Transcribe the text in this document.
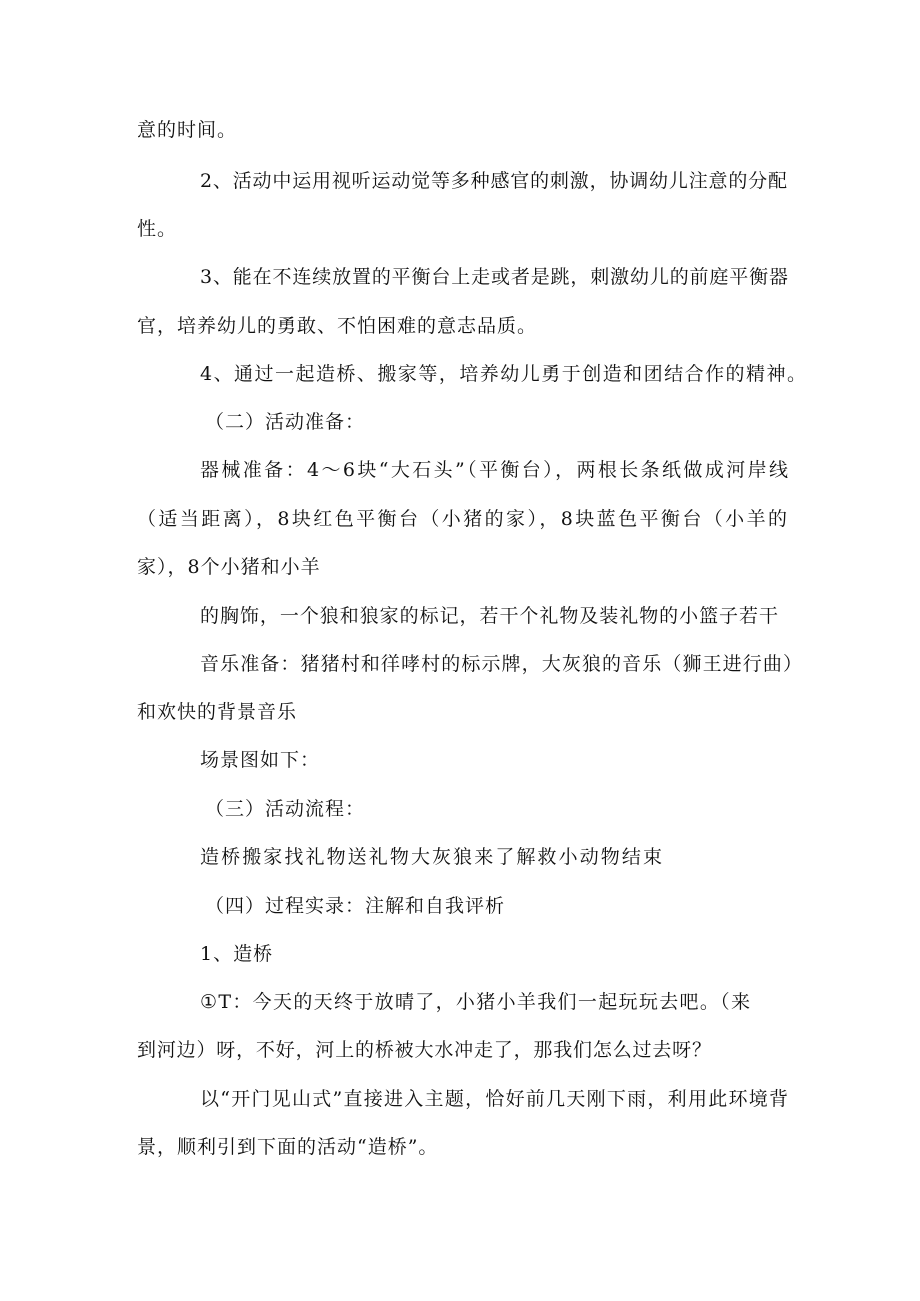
意的时间。
2、活动中运用视听运动觉等多种感官的刺激，协调幼儿注意的分配
性。
3、能在不连续放置的平衡台上走或者是跳，刺激幼儿的前庭平衡器
官，培养幼儿的勇敢、不怕困难的意志品质。
4、通过一起造桥、搬家等，培养幼儿勇于创造和团结合作的精神。
（二）活动准备：
器械准备：4～6块“大石头”（平衡台），两根长条纸做成河岸线
（适当距离），8块红色平衡台（小猪的家），8块蓝色平衡台（小羊的
家），8个小猪和小羊
的胸饰，一个狼和狼家的标记，若干个礼物及装礼物的小篮子若干
音乐准备：猪猪村和徉哮村的标示牌，大灰狼的音乐（狮王进行曲）
和欢快的背景音乐
场景图如下：
（三）活动流程：
造桥搬家找礼物送礼物大灰狼来了解救小动物结束
（四）过程实录：注解和自我评析
1、造桥
①T：今天的天终于放晴了，小猪小羊我们一起玩玩去吧。（来
到河边）呀，不好，河上的桥被大水冲走了，那我们怎么过去呀？
以“开门见山式”直接进入主题，恰好前几天刚下雨，利用此环境背
景，顺利引到下面的活动“造桥”。
